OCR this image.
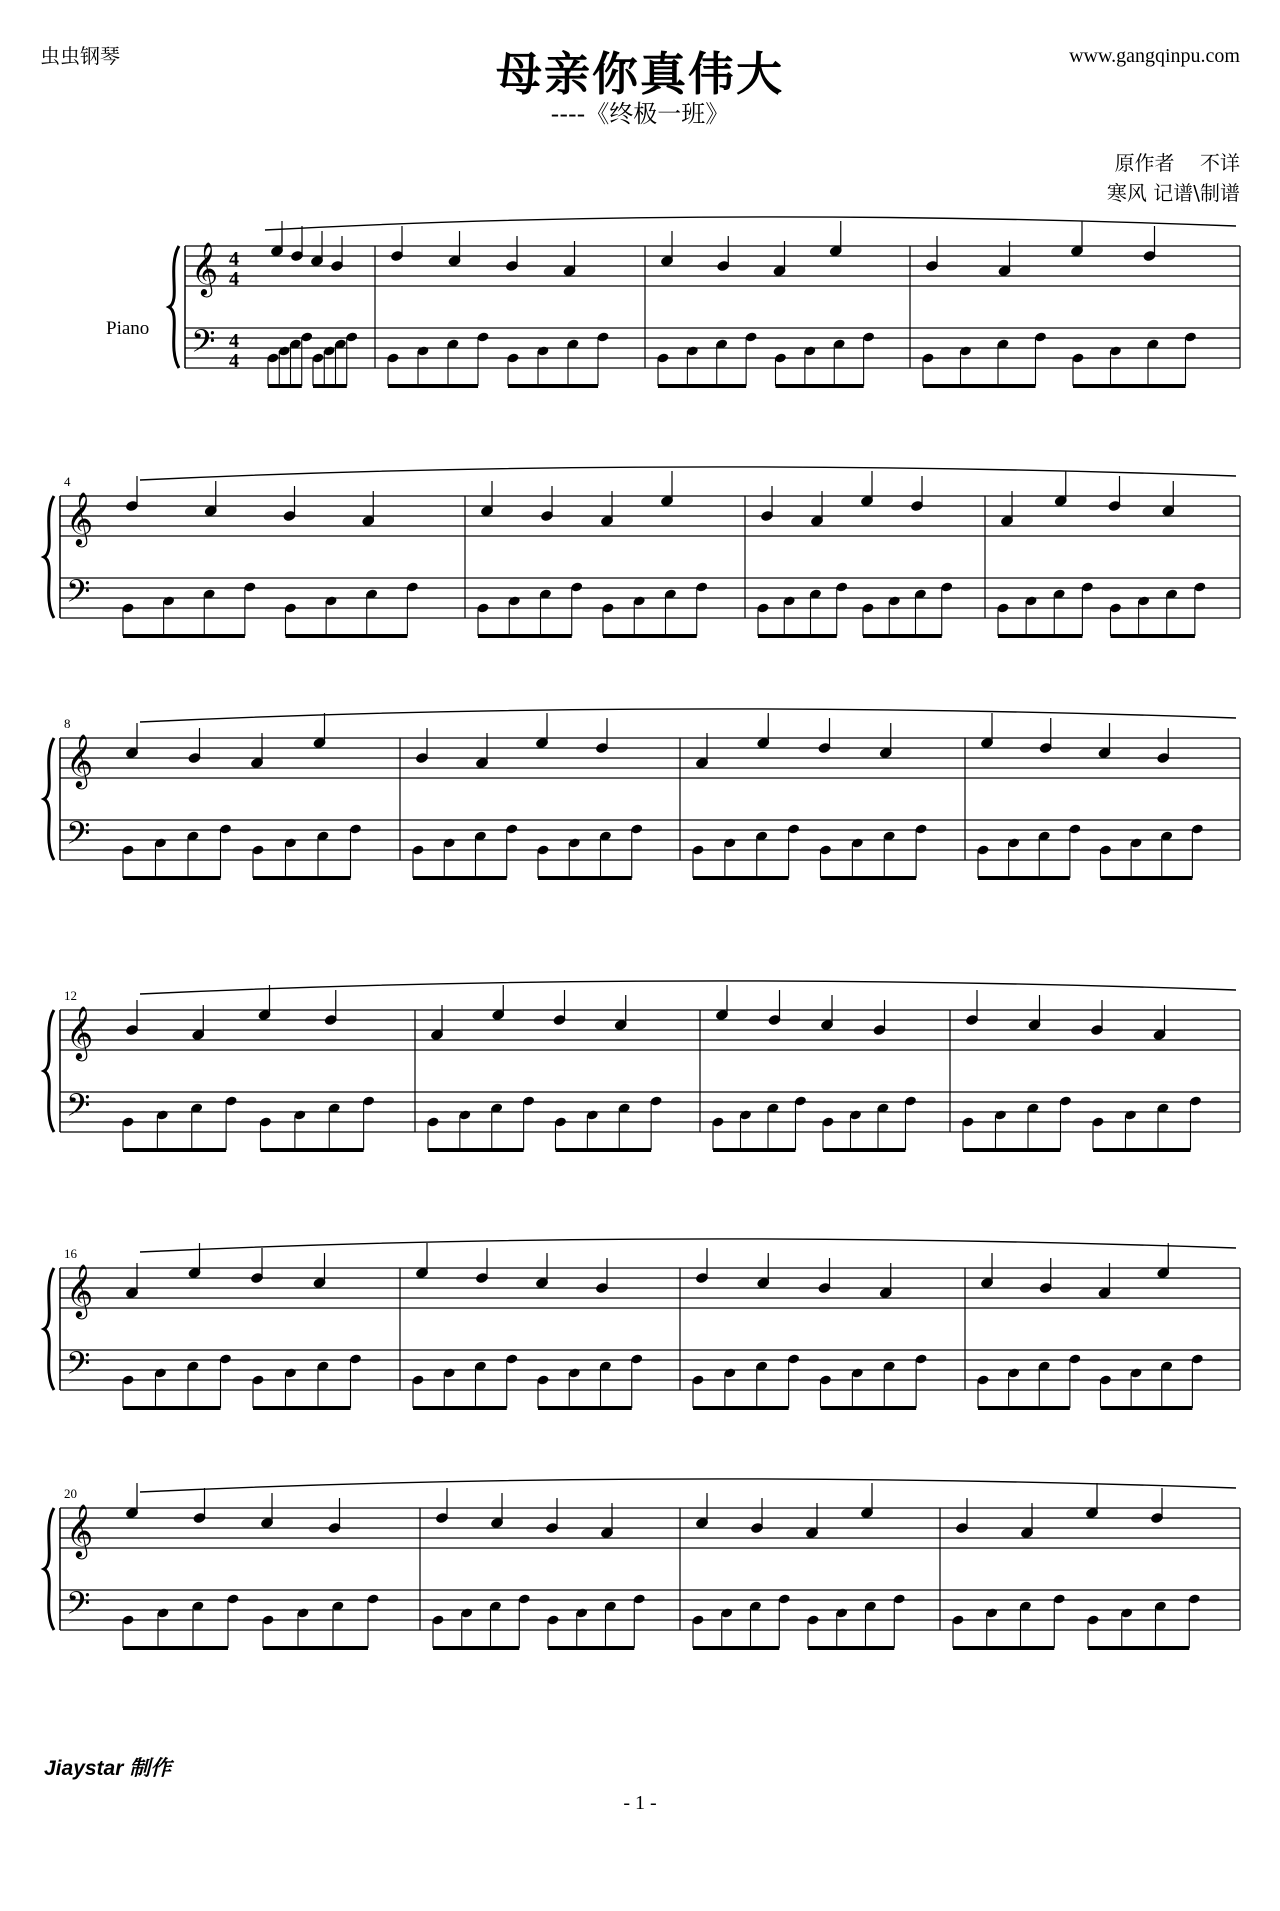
虫虫钢琴	www.gangqinpu.com
母亲你真伟大
----《终极一班》
原作者 不详
寒风 记谱\制谱
Piano
𝄞
𝄢
4
4
4
4
𝄞
𝄢
4
𝄞
𝄢
8
𝄞
𝄢
12
𝄞
𝄢
16
𝄞
𝄢
20
Jiaystar 制作
- 1 -
